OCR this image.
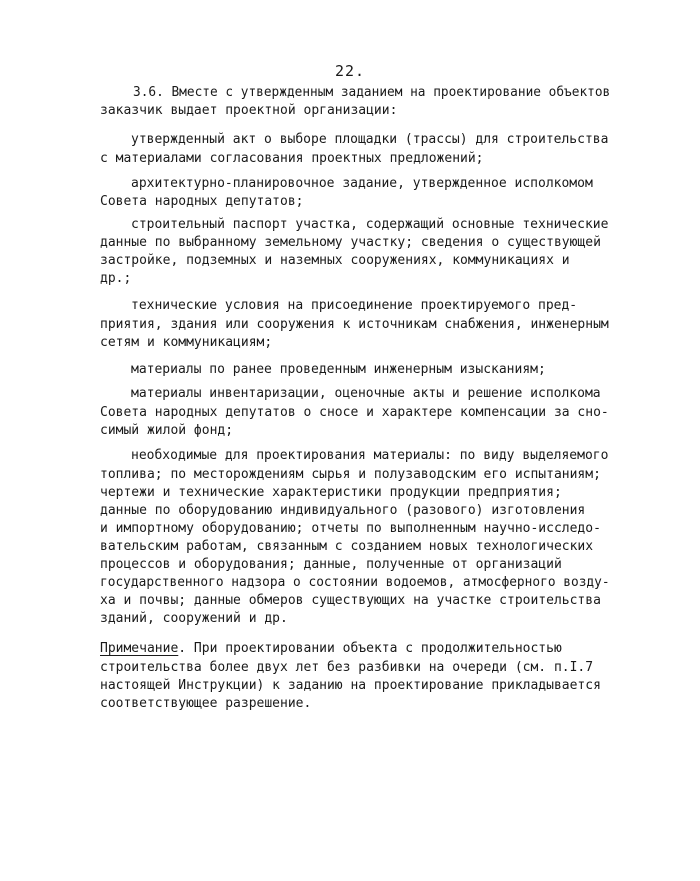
22.
3.6. Вместе с утвержденным заданием на проектирование объектов
заказчик выдает проектной организации:
утвержденный акт о выборе площадки (трассы) для строительства
с материалами согласования проектных предложений;
архитектурно-планировочное задание, утвержденное исполкомом
Совета народных депутатов;
строительный паспорт участка, содержащий основные технические
данные по выбранному земельному участку; сведения о существующей
застройке, подземных и наземных сооружениях, коммуникациях и
др.;
технические условия на присоединение проектируемого пред-
приятия, здания или сооружения к источникам снабжения, инженерным
сетям и коммуникациям;
материалы по ранее проведенным инженерным изысканиям;
материалы инвентаризации, оценочные акты и решение исполкома
Совета народных депутатов о сносе и характере компенсации за сно-
симый жилой фонд;
необходимые для проектирования материалы: по виду выделяемого
топлива; по месторождениям сырья и полузаводским его испытаниям;
чертежи и технические характеристики продукции предприятия;
данные по оборудованию индивидуального (разового) изготовления
и импортному оборудованию; отчеты по выполненным научно-исследо-
вательским работам, связанным с созданием новых технологических
процессов и оборудования; данные, полученные от организаций
государственного надзора о состоянии водоемов, атмосферного возду-
ха и почвы; данные обмеров существующих на участке строительства
зданий, сооружений и др.
Примечание. При проектировании объекта с продолжительностью
строительства более двух лет без разбивки на очереди (см. п.I.7
настоящей Инструкции) к заданию на проектирование прикладывается
соответствующее разрешение.
